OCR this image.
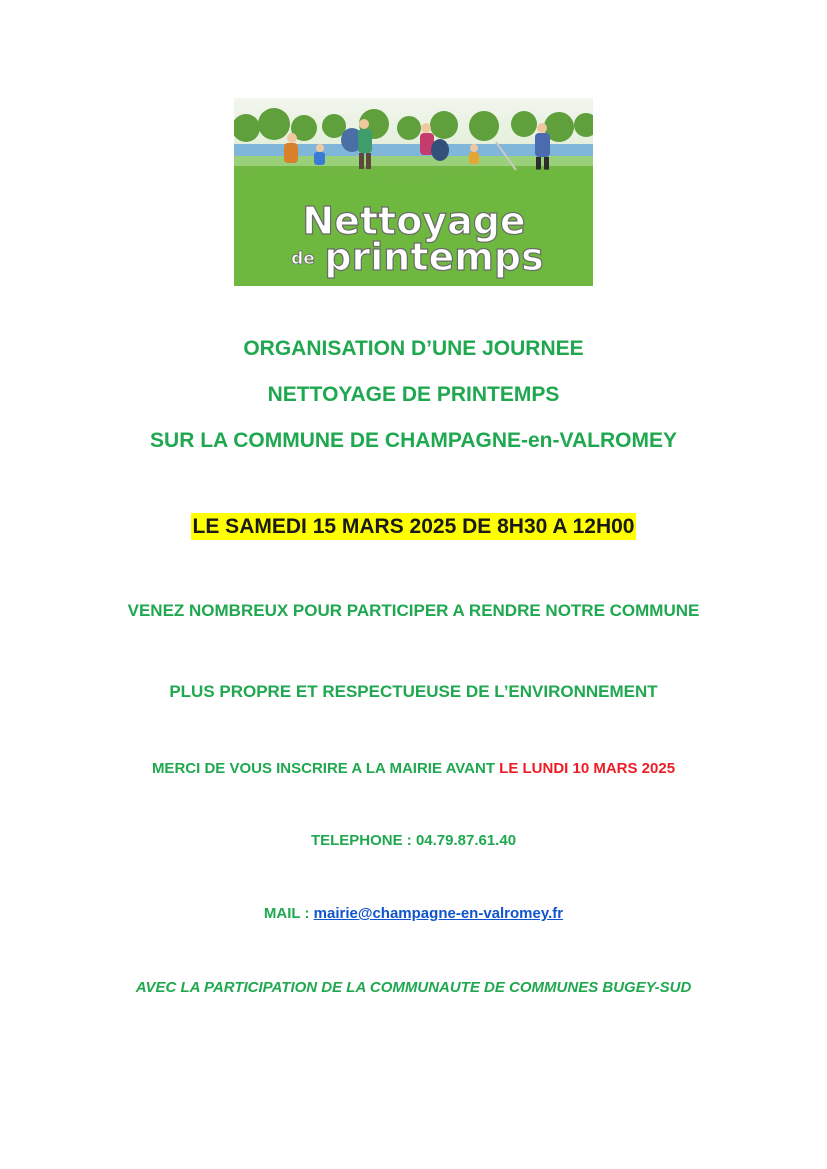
Nettoyage
de printemps
ORGANISATION D’UNE JOURNEE
NETTOYAGE DE PRINTEMPS
SUR LA COMMUNE DE CHAMPAGNE-en-VALROMEY
LE SAMEDI 15 MARS 2025 DE 8H30 A 12H00
VENEZ NOMBREUX POUR PARTICIPER A RENDRE NOTRE COMMUNE
PLUS PROPRE ET RESPECTUEUSE DE L’ENVIRONNEMENT
MERCI DE VOUS INSCRIRE A LA MAIRIE AVANT LE LUNDI 10 MARS 2025
TELEPHONE : 04.79.87.61.40
MAIL : mairie@champagne-en-valromey.fr
AVEC LA PARTICIPATION DE LA COMMUNAUTE DE COMMUNES BUGEY-SUD
